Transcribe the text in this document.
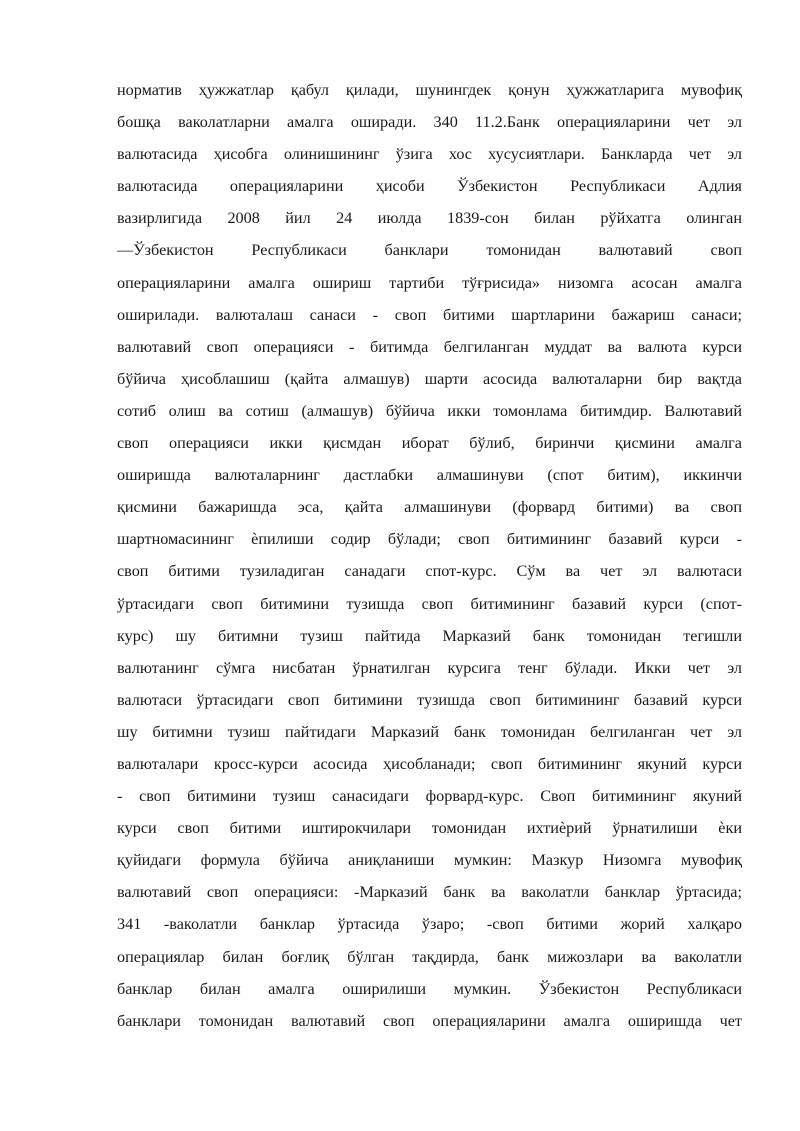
норматив ҳужжатлар қабул қилади, шунингдек қонун ҳужжатларига мувофиқ
бошқа ваколатларни амалга оширади. 340 11.2.Банк операцияларини чет эл
валютасида ҳисобга олинишининг ўзига хос хусусиятлари. Банкларда чет эл
валютасида операцияларини ҳисоби Ўзбекистон Республикаси Адлия
вазирлигида 2008 йил 24 июлда 1839-сон билан рўйхатга олинган
―Ўзбекистон Республикаси банклари томонидан валютавий своп
операцияларини амалга ошириш тартиби тўғрисида» низомга асосан амалга
оширилади. валюталаш санаси - своп битими шартларини бажариш санаси;
валютавий своп операцияси - битимда белгиланган муддат ва валюта курси
бўйича ҳисоблашиш (қайта алмашув) шарти асосида валюталарни бир вақтда
сотиб олиш ва сотиш (алмашув) бўйича икки томонлама битимдир. Валютавий
своп операцияси икки қисмдан иборат бўлиб, биринчи қисмини амалга
оширишда валюталарнинг дастлабки алмашинуви (спот битим), иккинчи
қисмини бажаришда эса, қайта алмашинуви (форвард битими) ва своп
шартномасининг ѐпилиши содир бўлади; своп битимининг базавий курси -
своп битими тузиладиган санадаги спот-курс. Сўм ва чет эл валютаси
ўртасидаги своп битимини тузишда своп битимининг базавий курси (спот-
курс) шу битимни тузиш пайтида Марказий банк томонидан тегишли
валютанинг сўмга нисбатан ўрнатилган курсига тенг бўлади. Икки чет эл
валютаси ўртасидаги своп битимини тузишда своп битимининг базавий курси
шу битимни тузиш пайтидаги Марказий банк томонидан белгиланган чет эл
валюталари кросс-курси асосида ҳисобланади; своп битимининг якуний курси
- своп битимини тузиш санасидаги форвард-курс. Своп битимининг якуний
курси своп битими иштирокчилари томонидан ихтиѐрий ўрнатилиши ѐки
қуйидаги формула бўйича аниқланиши мумкин: Мазкур Низомга мувофиқ
валютавий своп операцияси: -Марказий банк ва ваколатли банклар ўртасида;
341 -ваколатли банклар ўртасида ўзаро; -своп битими жорий халқаро
операциялар билан боғлиқ бўлган тақдирда, банк мижозлари ва ваколатли
банклар билан амалга оширилиши мумкин. Ўзбекистон Республикаси
банклари томонидан валютавий своп операцияларини амалга оширишда чет
